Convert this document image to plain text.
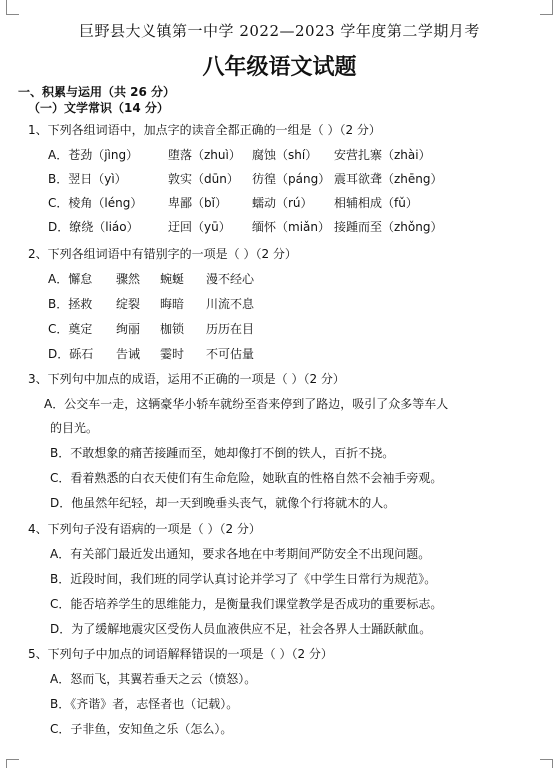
巨野县大义镇第一中学 2022—2023 学年度第二学期月考
八年级语文试题
一、积累与运用（共 26 分）
（一）文学常识（14 分）
1、下列各组词语中，加点字的读音全都正确的一组是（ ）（2 分）
A．苍劲（jìng） 堕落（zhuì） 腐蚀（shí） 安营扎寨（zhài）
B．翌日（yì）	敦实（dūn） 彷徨（páng） 震耳欲聋（zhēng）
C．棱角（léng） 卑鄙（bǐ） 蠕动（rú） 相辅相成（fǔ）
D．缭绕（liáo） 迂回（yū） 缅怀（miǎn） 接踵而至（zhǒng）
2、下列各组词语中有错别字的一项是（ ）（2 分）
A．懈怠 骤然 蜿蜒 漫不经心
B．拯救 绽裂 晦暗 川流不息
C．奠定 绚丽 枷锁 历历在目
D．砾石 告诫 霎时 不可估量
3、下列句中加点的成语，运用不正确的一项是（ ）（2 分）
A．公交车一走，这辆豪华小轿车就纷至沓来停到了路边，吸引了众多等车人
的目光。
B．不敢想象的痛苦接踵而至，她却像打不倒的铁人，百折不挠。
C．看着熟悉的白衣天使们有生命危险，她耿直的性格自然不会袖手旁观。
D．他虽然年纪轻，却一天到晚垂头丧气，就像个行将就木的人。
4、下列句子没有语病的一项是（ ）（2 分）
A．有关部门最近发出通知，要求各地在中考期间严防安全不出现问题。
B．近段时间，我们班的同学认真讨论并学习了《中学生日常行为规范》。
C．能否培养学生的思维能力，是衡量我们课堂教学是否成功的重要标志。
D．为了缓解地震灾区受伤人员血液供应不足，社会各界人士踊跃献血。
5、下列句子中加点的词语解释错误的一项是（ ）（2 分）
A．怒而飞，其翼若垂天之云（愤怒）。
B．《齐谐》者，志怪者也（记载）。
C．子非鱼，安知鱼之乐（怎么）。
